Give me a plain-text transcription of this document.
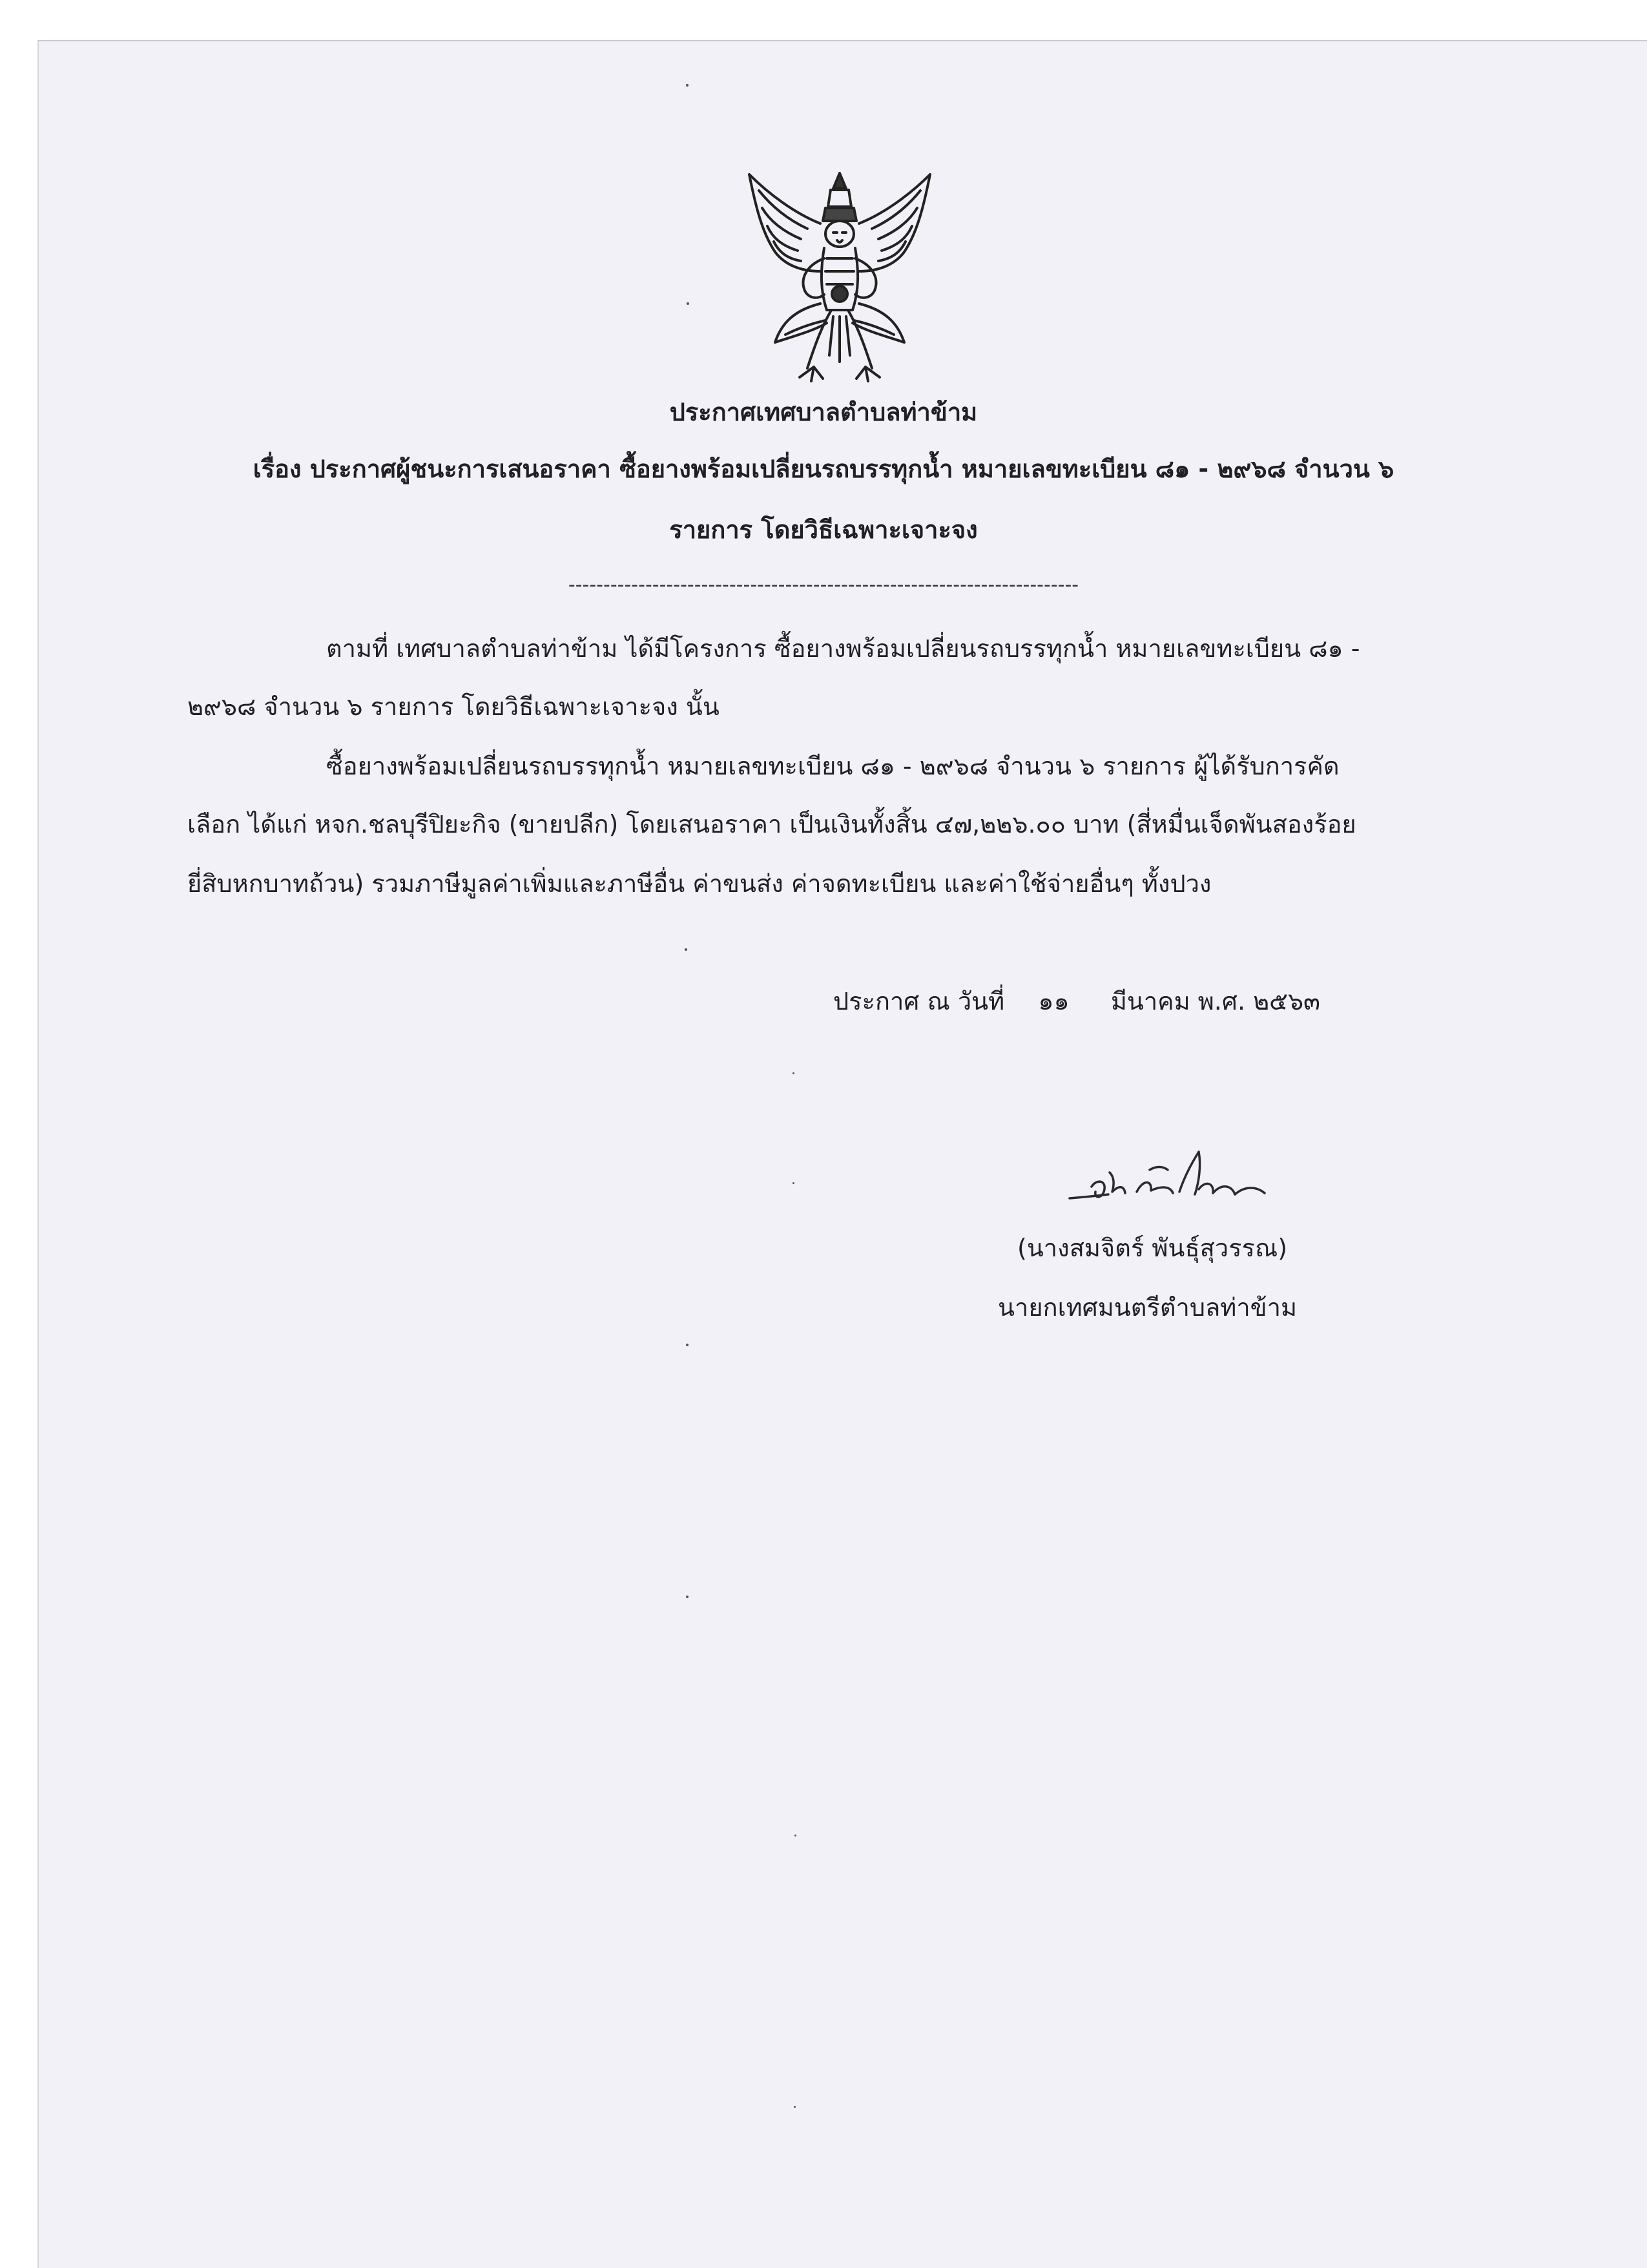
ประกาศเทศบาลตำบลท่าข้าม
เรื่อง ประกาศผู้ชนะการเสนอราคา ซื้อยางพร้อมเปลี่ยนรถบรรทุกน้ำ หมายเลขทะเบียน ๘๑ - ๒๙๖๘ จำนวน ๖
รายการ โดยวิธีเฉพาะเจาะจง
-------------------------------------------------------------------------
ตามที่ เทศบาลตำบลท่าข้าม ได้มีโครงการ ซื้อยางพร้อมเปลี่ยนรถบรรทุกน้ำ หมายเลขทะเบียน ๘๑ -
๒๙๖๘ จำนวน ๖ รายการ โดยวิธีเฉพาะเจาะจง นั้น
ซื้อยางพร้อมเปลี่ยนรถบรรทุกน้ำ หมายเลขทะเบียน ๘๑ - ๒๙๖๘ จำนวน ๖ รายการ ผู้ได้รับการคัด
เลือก ได้แก่ หจก.ชลบุรีปิยะกิจ (ขายปลีก) โดยเสนอราคา เป็นเงินทั้งสิ้น ๔๗,๒๒๖.๐๐ บาท (สี่หมื่นเจ็ดพันสองร้อย
ยี่สิบหกบาทถ้วน) รวมภาษีมูลค่าเพิ่มและภาษีอื่น ค่าขนส่ง ค่าจดทะเบียน และค่าใช้จ่ายอื่นๆ ทั้งปวง
ประกาศ ณ วันที่ ๑๑ มีนาคม พ.ศ. ๒๕๖๓
(นางสมจิตร์ พันธุ์สุวรรณ)
นายกเทศมนตรีตำบลท่าข้าม
